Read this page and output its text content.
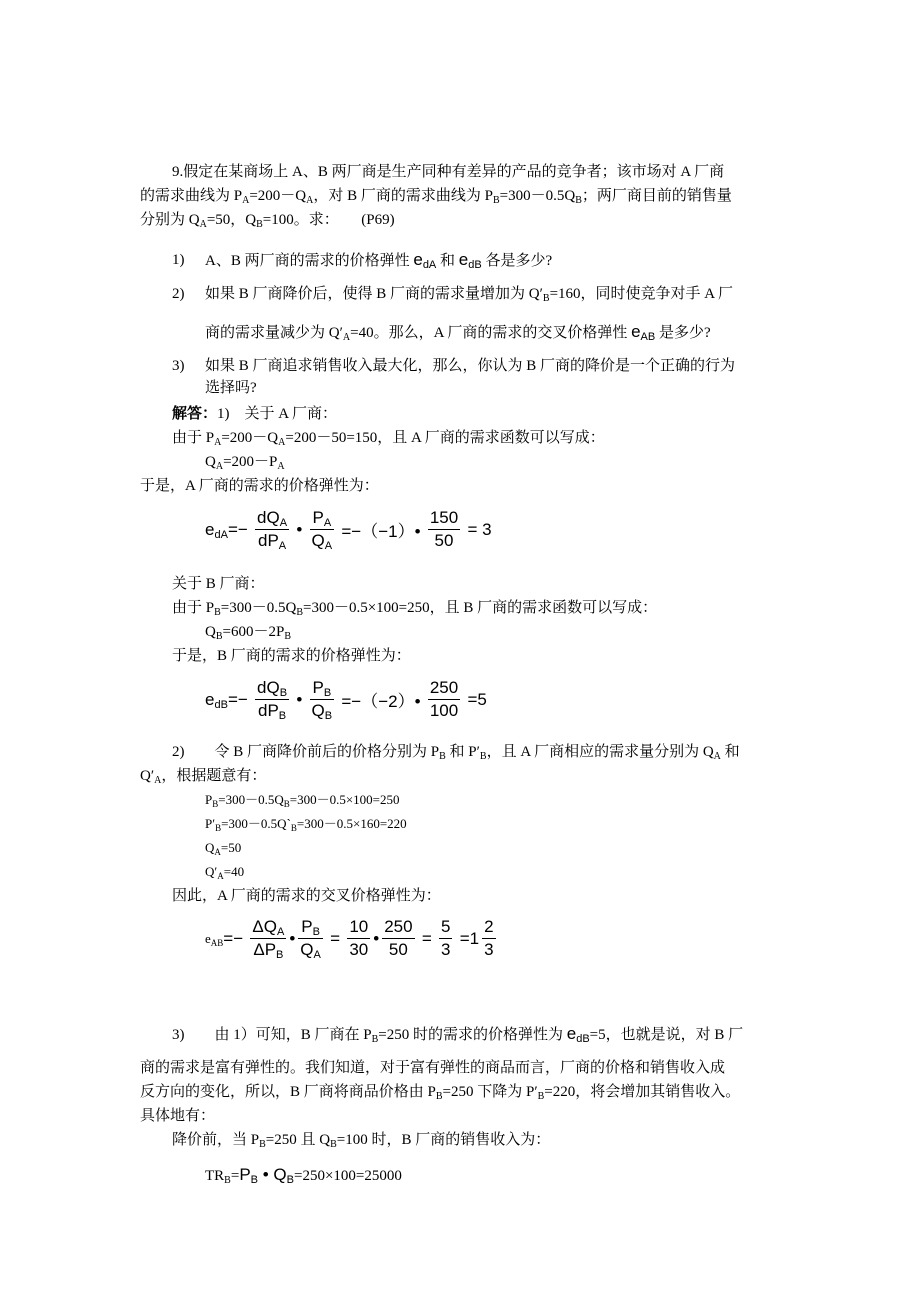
9.假定在某商场上 A、B 两厂商是生产同种有差异的产品的竞争者；该市场对 A 厂商
的需求曲线为 $P_A=200-Q_A$，对 B 厂商的需求曲线为 $P_B=300-0.5Q_B$；两厂商目前的销售量
分别为 $Q_A=50$，$Q_B=100$。求：　　(P69)
1) A、B 两厂商的需求的价格弹性 $e_{dA}$ 和 $e_{dB}$ 各是多少?
2) 如果 B 厂商降价后，使得 B 厂商的需求量增加为 $Q'_B=160$，同时使竞争对手 A 厂
商的需求量减少为 $Q'_A=40$。那么，A 厂商的需求的交叉价格弹性 $e_{AB}$ 是多少?
3) 如果 B 厂商追求销售收入最大化，那么，你认为 B 厂商的降价是一个正确的行为
选择吗?
解答：1)　关于 A 厂商：
由于 $P_A=200-Q_A=200-50=150$，且 A 厂商的需求函数可以写成：
$Q_A=200-P_A$
于是，A 厂商的需求的价格弹性为：
$e_{dA}=- \frac{dQ_A}{dP_A}$ • $\frac{P_A}{Q_A}$ =−（−1）• $\frac{150}{50} = 3$
关于 B 厂商：
由于 $P_B=300-0.5Q_B=300-0.5\times 100=250$，且 B 厂商的需求函数可以写成：
$Q_B=600-2P_B$
于是，B 厂商的需求的价格弹性为：
$e_{dB}=- \frac{dQ_B}{dP_B}$ • $\frac{P_B}{Q_B}$ =−（−2）• $\frac{250}{100} =5$
2)　　令 B 厂商降价前后的价格分别为 $P_B$ 和 $P'_B$，且 A 厂商相应的需求量分别为 $Q_A$ 和
$Q'_A$，根据题意有：
$P_B=300-0.5Q_B=300-0.5\times 100=250$
$P'_B=300-0.5Q`_B=300-0.5\times 160=220$
$Q_A=50$
$Q'_A=40$
因此，A 厂商的需求的交叉价格弹性为：
$e_{AB}=- \frac{\Delta Q_A}{\Delta P_B}$ • $\frac{P_B}{Q_A} = \frac{10}{30}$ • $\frac{250}{50} = \frac{5}{3} =1 \frac{2}{3}$
3)　　由 1）可知，B 厂商在 $P_B=250$ 时的需求的价格弹性为 $e_{dB}=5$，也就是说，对 B 厂
商的需求是富有弹性的。我们知道，对于富有弹性的商品而言，厂商的价格和销售收入成
反方向的变化，所以，B 厂商将商品价格由 $P_B=250$ 下降为 $P'_B=220$，将会增加其销售收入。
具体地有：
降价前，当 $P_B=250$ 且 $Q_B=100$ 时，B 厂商的销售收入为：
$TR_B=P_B$ • $Q_B=250\times 100=25000$
